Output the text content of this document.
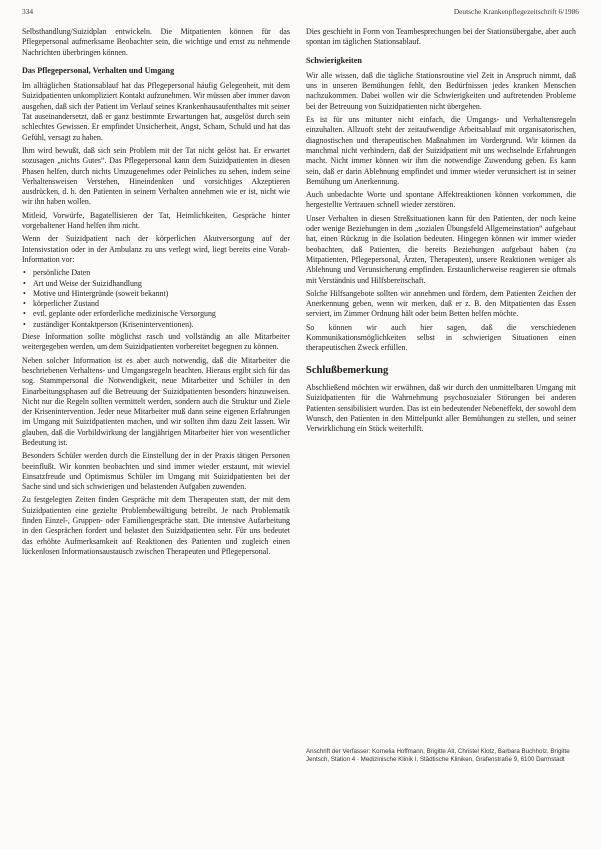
334	Deutsche Krankenpflegezeitschrift 6/1986

Selbsthandlung/Suizidplan entwickeln. Die Mitpatienten können für das Pflegepersonal aufmerksame Beobachter sein, die wichtige und ernst zu nehmende Nachrichten überbringen können.

Das Pflegepersonal, Verhalten und Umgang

Im alltäglichen Stationsablauf hat das Pflegepersonal häufig Gelegenheit, mit dem Suizidpatienten unkompliziert Kontakt aufzunehmen. Wir müssen aber immer davon ausgehen, daß sich der Patient im Verlauf seines Krankenhausaufenthaltes mit seiner Tat auseinandersetzt, daß er ganz bestimmte Erwartungen hat, ausgelöst durch sein schlechtes Gewissen. Er empfindet Unsicherheit, Angst, Scham, Schuld und hat das Gefühl, versagt zu haben.

Ihm wird bewußt, daß sich sein Problem mit der Tat nicht gelöst hat. Er erwartet sozusagen „nichts Gutes“. Das Pflegepersonal kann dem Suizidpatienten in diesen Phasen helfen, durch nichts Umzugenehmes oder Peinliches zu sehen, indem seine Verhaltensweisen Verstehen, Hineindenken und vorsichtiges Akzeptieren ausdrücken, d. h. den Patienten in seinem Verhalten annehmen wie er ist, nicht wie wir ihn haben wollen.

Mitleid, Vorwürfe, Bagatellisieren der Tat, Heimlichkeiten, Gespräche hinter vorgehaltener Hand helfen ihm nicht.

Wenn der Suizidpatient nach der körperlichen Akutversorgung auf der Intensivstation oder in der Ambulanz zu uns verlegt wird, liegt bereits eine Vorab-Information vor:

• persönliche Daten
• Art und Weise der Suizidhandlung
• Motive und Hintergründe (soweit bekannt)
• körperlicher Zustand
• evtl. geplante oder erforderliche medizinische Versorgung
• zuständiger Kontaktperson (Kriseninterventionen).

Diese Information sollte möglichst rasch und vollständig an alle Mitarbeiter weitergegeben werden, um dem Suizidpatienten vorbereitet begegnen zu können.

Neben solcher Information ist es aber auch notwendig, daß die Mitarbeiter die beschriebenen Verhaltens- und Umgangsregeln beachten. Hieraus ergibt sich für das sog. Stammpersonal die Notwendigkeit, neue Mitarbeiter und Schüler in den Einarbeitungsphasen auf die Betreuung der Suizidpatienten besonders hinzuweisen. Nicht nur die Regeln sollten vermittelt werden, sondern auch die Struktur und Ziele der Krisenintervention. Jeder neue Mitarbeiter muß dann seine eigenen Erfahrungen im Umgang mit Suizidpatienten machen, und wir sollten ihm dazu Zeit lassen. Wir glauben, daß die Vorbildwirkung der langjährigen Mitarbeiter hier von wesentlicher Bedeutung ist.

Besonders Schüler werden durch die Einstellung der in der Praxis tätigen Personen beeinflußt. Wir konnten beobachten und sind immer wieder erstaunt, mit wieviel Einsatzfreude und Optimismus Schüler im Umgang mit Suizidpatienten bei der Sache sind und sich schwierigen und belastenden Aufgaben zuwenden.

Zu festgelegten Zeiten finden Gespräche mit dem Therapeuten statt, der mit dem Suizidpatienten eine gezielte Problembewältigung betreibt. Je nach Problematik finden Einzel-, Gruppen- oder Familiengespräche statt. Die intensive Aufarbeitung in den Gesprächen fordert und belastet den Suizidpatienten sehr. Für uns bedeutet das erhöhte Aufmerksamkeit auf Reaktionen des Patienten und zugleich einen lückenlosen Informationsaustausch zwischen Therapeuten und Pflegepersonal.

Dies geschieht in Form von Teambesprechungen bei der Stationsübergabe, aber auch spontan im täglichen Stationsablauf.

Schwierigkeiten

Wir alle wissen, daß die tägliche Stationsroutine viel Zeit in Anspruch nimmt, daß uns in unseren Bemühungen fehlt, den Bedürfnissen jedes kranken Menschen nachzukommen. Dabei wollen wir die Schwierigkeiten und auftretenden Probleme bei der Betreuung von Suizidpatienten nicht übergehen.

Es ist für uns mitunter nicht einfach, die Umgangs- und Verhaltensregeln einzuhalten. Allzuoft steht der zeitaufwendige Arbeitsablauf mit organisatorischen, diagnostischen und therapeutischen Maßnahmen im Vordergrund. Wir können da manchmal nicht verhindern, daß der Suizidpatient mit uns wechselnde Erfahrungen macht. Nicht immer können wir ihm die notwendige Zuwendung geben. Es kann sein, daß er darin Ablehnung empfindet und immer wieder verunsichert ist in seiner Bemühung um Anerkennung.

Auch unbedachte Worte und spontane Affektreaktionen können vorkommen, die hergestellte Vertrauen schnell wieder zerstören.

Unser Verhalten in diesen Streßsituationen kann für den Patienten, der noch keine oder wenige Beziehungen in dem „sozialen Übungsfeld Allgemeinstation“ aufgebaut hat, einen Rückzug in die Isolation bedeuten. Hingegen können wir immer wieder beobachten, daß Patienten, die bereits Beziehungen aufgebaut haben (zu Mitpatienten, Pflegepersonal, Ärzten, Therapeuten), unsere Reaktionen weniger als Ablehnung und Verunsicherung empfinden. Erstaunlicherweise reagieren sie oftmals mit Verständnis und Hilfsbereitschaft.

Solche Hilfsangebote sollten wir annehmen und fördern, dem Patienten Zeichen der Anerkennung geben, wenn wir merken, daß er z. B. den Mitpatienten das Essen serviert, im Zimmer Ordnung hält oder beim Betten helfen möchte.

So können wir auch hier sagen, daß die verschiedenen Kommunikationsmöglichkeiten selbst in schwierigen Situationen einen therapeutischen Zweck erfüllen.

Schlußbemerkung

Abschließend möchten wir erwähnen, daß wir durch den unmittelbaren Umgang mit Suizidpatienten für die Wahrnehmung psychosozialer Störungen bei anderen Patienten sensibilisiert wurden. Das ist ein bedeutender Nebeneffekt, der sowohl dem Wunsch, den Patienten in den Mittelpunkt aller Bemühungen zu stellen, und seiner Verwirklichung ein Stück weiterhilft.

Anschrift der Verfasser: Kornelia Hoffmann, Brigitte Alt, Christel Klotz, Barbara Buchholz, Brigitte Jentsch, Station 4 · Medizinische Klinik I, Städtische Kliniken, Grafenstraße 9, 6100 Darmstadt
